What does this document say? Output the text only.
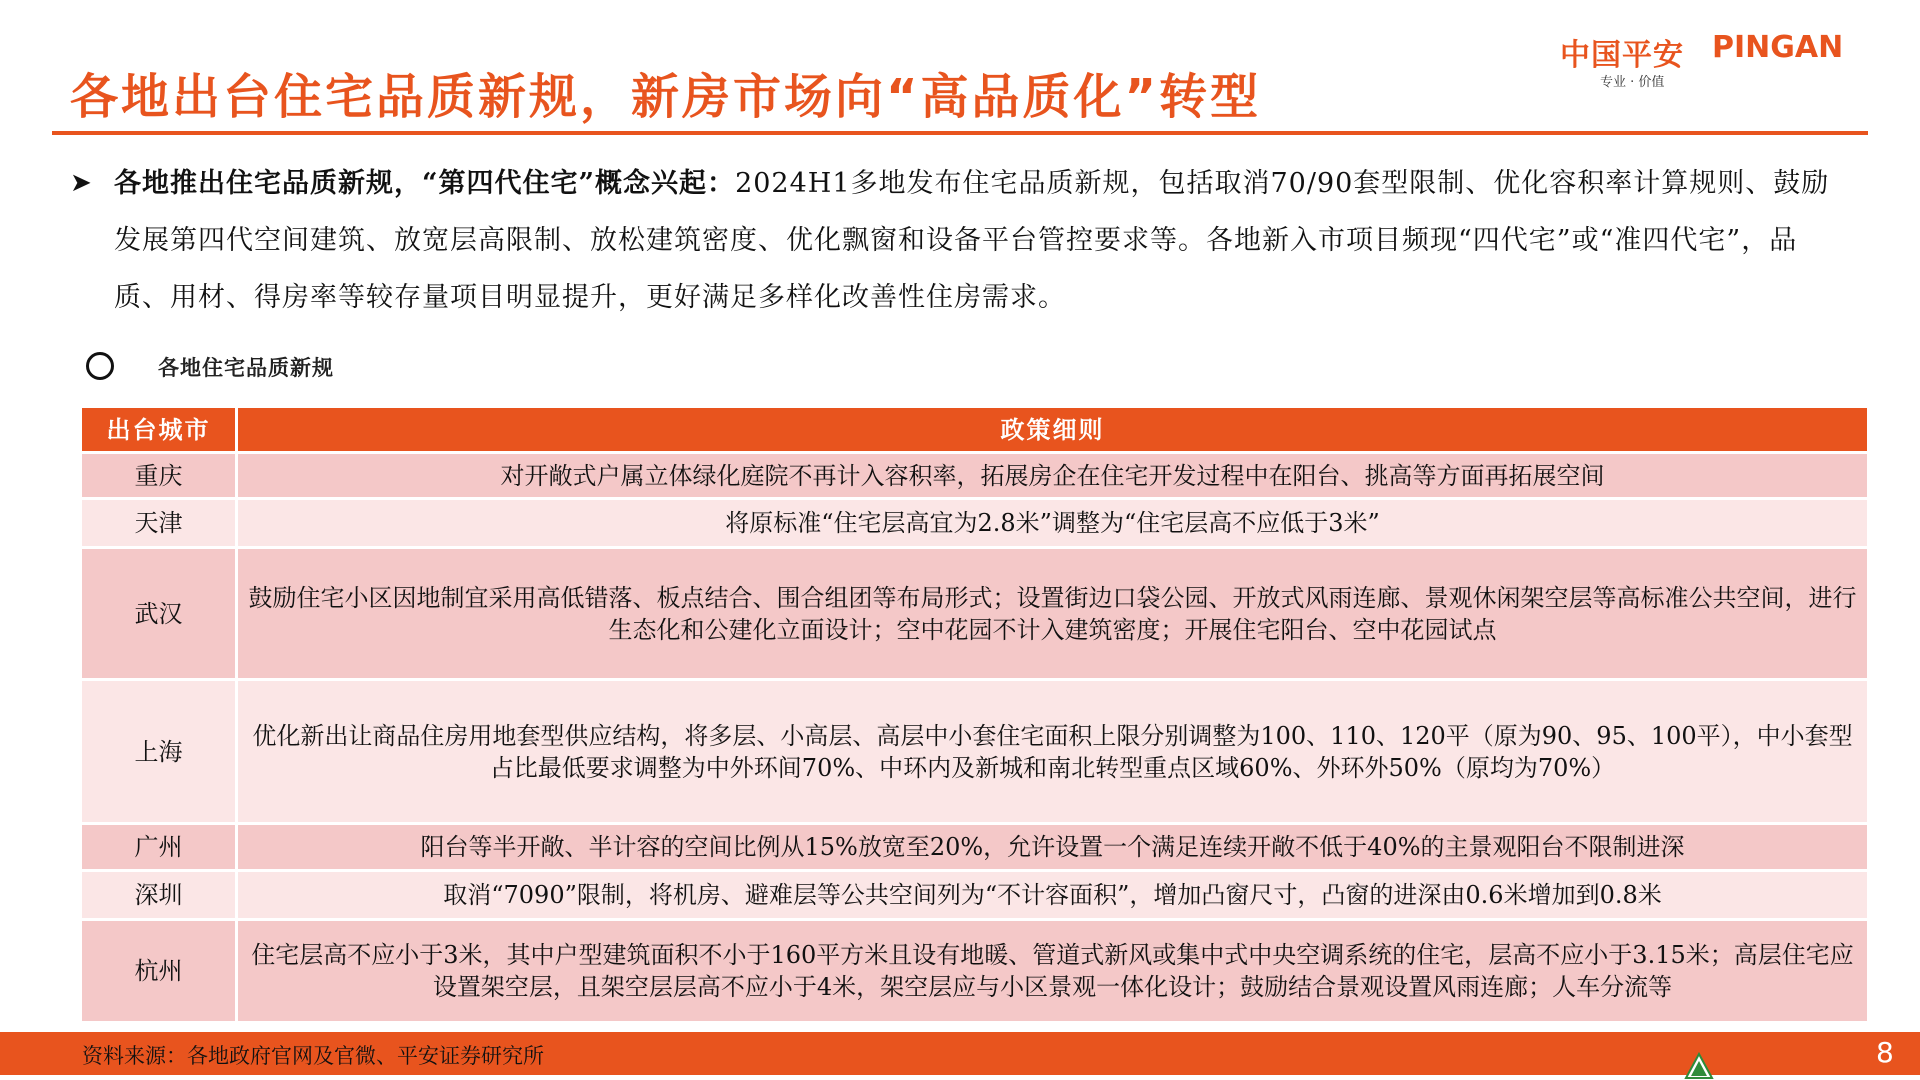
各地出台住宅品质新规，新房市场向“高品质化”转型
中国平安 PINGAN
专业 · 价值
➤ 各地推出住宅品质新规，“第四代住宅”概念兴起：2024H1多地发布住宅品质新规，包括取消70/90套型限制、优化容积率计算规则、鼓励发展第四代空间建筑、放宽层高限制、放松建筑密度、优化飘窗和设备平台管控要求等。各地新入市项目频现“四代宅”或“准四代宅”，品质、用材、得房率等较存量项目明显提升，更好满足多样化改善性住房需求。
各地住宅品质新规
出台城市	政策细则
重庆	对开敞式户属立体绿化庭院不再计入容积率，拓展房企在住宅开发过程中在阳台、挑高等方面再拓展空间
天津	将原标准“住宅层高宜为2.8米”调整为“住宅层高不应低于3米”
武汉	鼓励住宅小区因地制宜采用高低错落、板点结合、围合组团等布局形式；设置街边口袋公园、开放式风雨连廊、景观休闲架空层等高标准公共空间，进行生态化和公建化立面设计；空中花园不计入建筑密度；开展住宅阳台、空中花园试点
上海	优化新出让商品住房用地套型供应结构，将多层、小高层、高层中小套住宅面积上限分别调整为100、110、120平（原为90、95、100平），中小套型占比最低要求调整为中外环间70%、中环内及新城和南北转型重点区域60%、外环外50%（原均为70%）
广州	阳台等半开敞、半计容的空间比例从15%放宽至20%，允许设置一个满足连续开敞不低于40%的主景观阳台不限制进深
深圳	取消“7090”限制，将机房、避难层等公共空间列为“不计容面积”，增加凸窗尺寸，凸窗的进深由0.6米增加到0.8米
杭州	住宅层高不应小于3米，其中户型建筑面积不小于160平方米且设有地暖、管道式新风或集中式中央空调系统的住宅，层高不应小于3.15米；高层住宅应设置架空层，且架空层层高不应小于4米，架空层应与小区景观一体化设计；鼓励结合景观设置风雨连廊；人车分流等
资料来源：各地政府官网及官微、平安证券研究所	8
